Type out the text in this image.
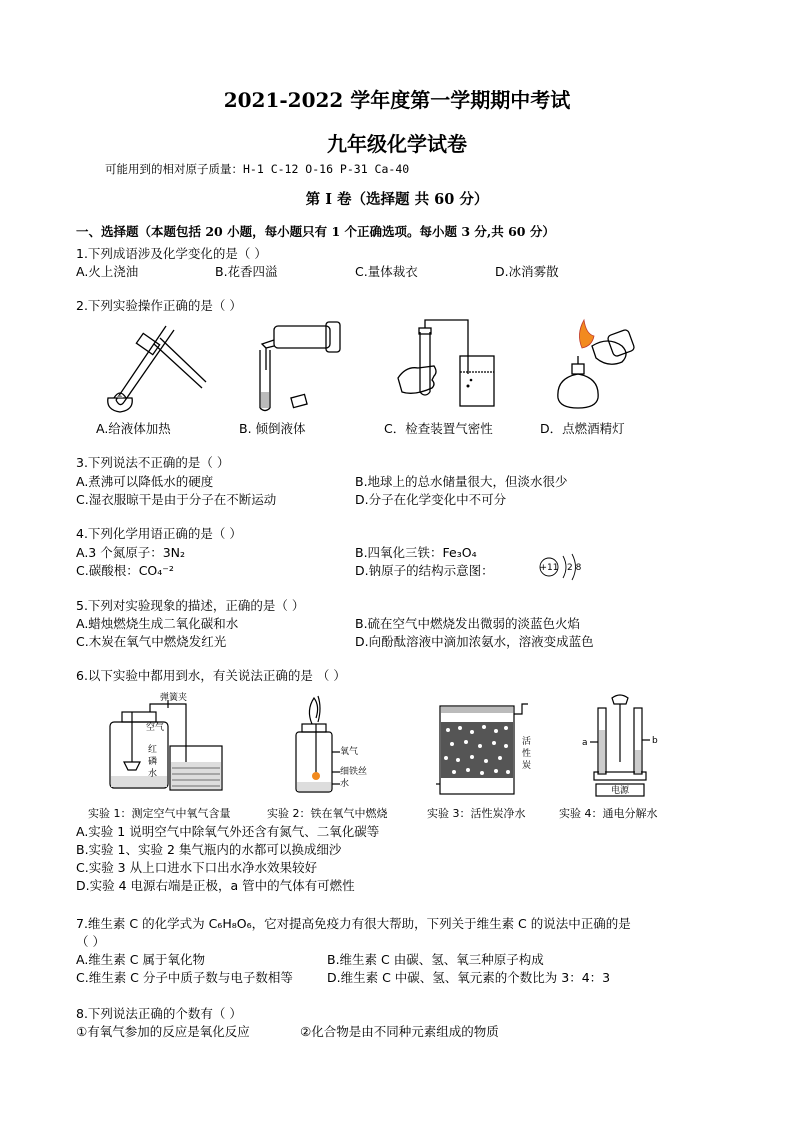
2021-2022 学年度第一学期期中考试
九年级化学试卷
可能用到的相对原子质量：H-1 C-12 O-16 P-31 Ca-40
第 I 卷（选择题 共 60 分）
一、选择题（本题包括 20 小题，每小题只有 1 个正确选项。每小题 3 分,共 60 分）
1.下列成语涉及化学变化的是（ ）
A.火上浇油	B.花香四溢	C.量体裁衣	D.冰消雾散
2.下列实验操作正确的是（ ）
A.给液体加热	B. 倾倒液体	C．检查装置气密性	D．点燃酒精灯
3.下列说法不正确的是（ ）
A.煮沸可以降低水的硬度	B.地球上的总水储量很大，但淡水很少
C.湿衣服晾干是由于分子在不断运动	D.分子在化学变化中不可分
4.下列化学用语正确的是（ ）
A.3 个氮原子：3N₂	B.四氧化三铁：Fe₃O₄
C.碳酸根：CO₄⁻²	D.钠原子的结构示意图：	+11 2 8
5.下列对实验现象的描述，正确的是（ ）
A.蜡烛燃烧生成二氧化碳和水	B.硫在空气中燃烧发出微弱的淡蓝色火焰
C.木炭在氧气中燃烧发红光	D.向酚酞溶液中滴加浓氨水，溶液变成蓝色
6.以下实验中都用到水，有关说法正确的是 （ ）
弹簧夹
空气
红
磷
水
氧气
细铁丝
水
活
性
炭
a	b
电源
实验 1：测定空气中氧气含量	实验 2：铁在氧气中燃烧	实验 3：活性炭净水	实验 4：通电分解水
A.实验 1 说明空气中除氧气外还含有氮气、二氧化碳等
B.实验 1、实验 2 集气瓶内的水都可以换成细沙
C.实验 3 从上口进水下口出水净水效果较好
D.实验 4 电源右端是正极，a 管中的气体有可燃性
7.维生素 C 的化学式为 C₆H₈O₆，它对提高免疫力有很大帮助，下列关于维生素 C 的说法中正确的是
（ ）
A.维生素 C 属于氧化物	B.维生素 C 由碳、氢、氧三种原子构成
C.维生素 C 分子中质子数与电子数相等	D.维生素 C 中碳、氢、氧元素的个数比为 3：4：3
8.下列说法正确的个数有（ ）
①有氧气参加的反应是氧化反应	②化合物是由不同种元素组成的物质
